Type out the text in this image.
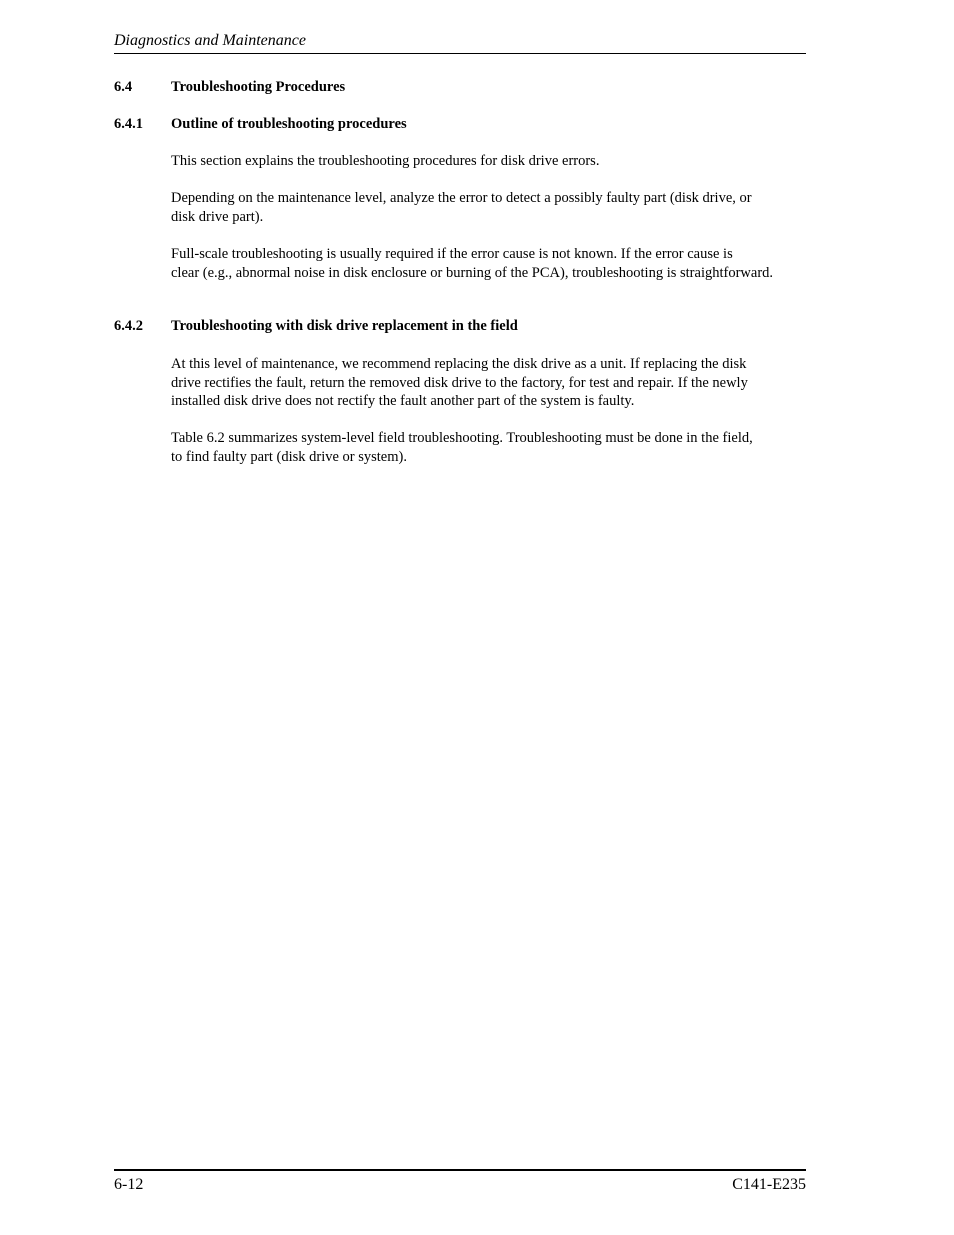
Diagnostics and Maintenance
6.4	Troubleshooting Procedures
6.4.1 Outline of troubleshooting procedures
This section explains the troubleshooting procedures for disk drive errors.
Depending on the maintenance level, analyze the error to detect a possibly faulty part (disk drive, or
disk drive part).
Full-scale troubleshooting is usually required if the error cause is not known. If the error cause is
clear (e.g., abnormal noise in disk enclosure or burning of the PCA), troubleshooting is straightforward.
6.4.2 Troubleshooting with disk drive replacement in the field
At this level of maintenance, we recommend replacing the disk drive as a unit. If replacing the disk
drive rectifies the fault, return the removed disk drive to the factory, for test and repair. If the newly
installed disk drive does not rectify the fault another part of the system is faulty.
Table 6.2 summarizes system-level field troubleshooting. Troubleshooting must be done in the field,
to find faulty part (disk drive or system).
6-12	C141-E235
